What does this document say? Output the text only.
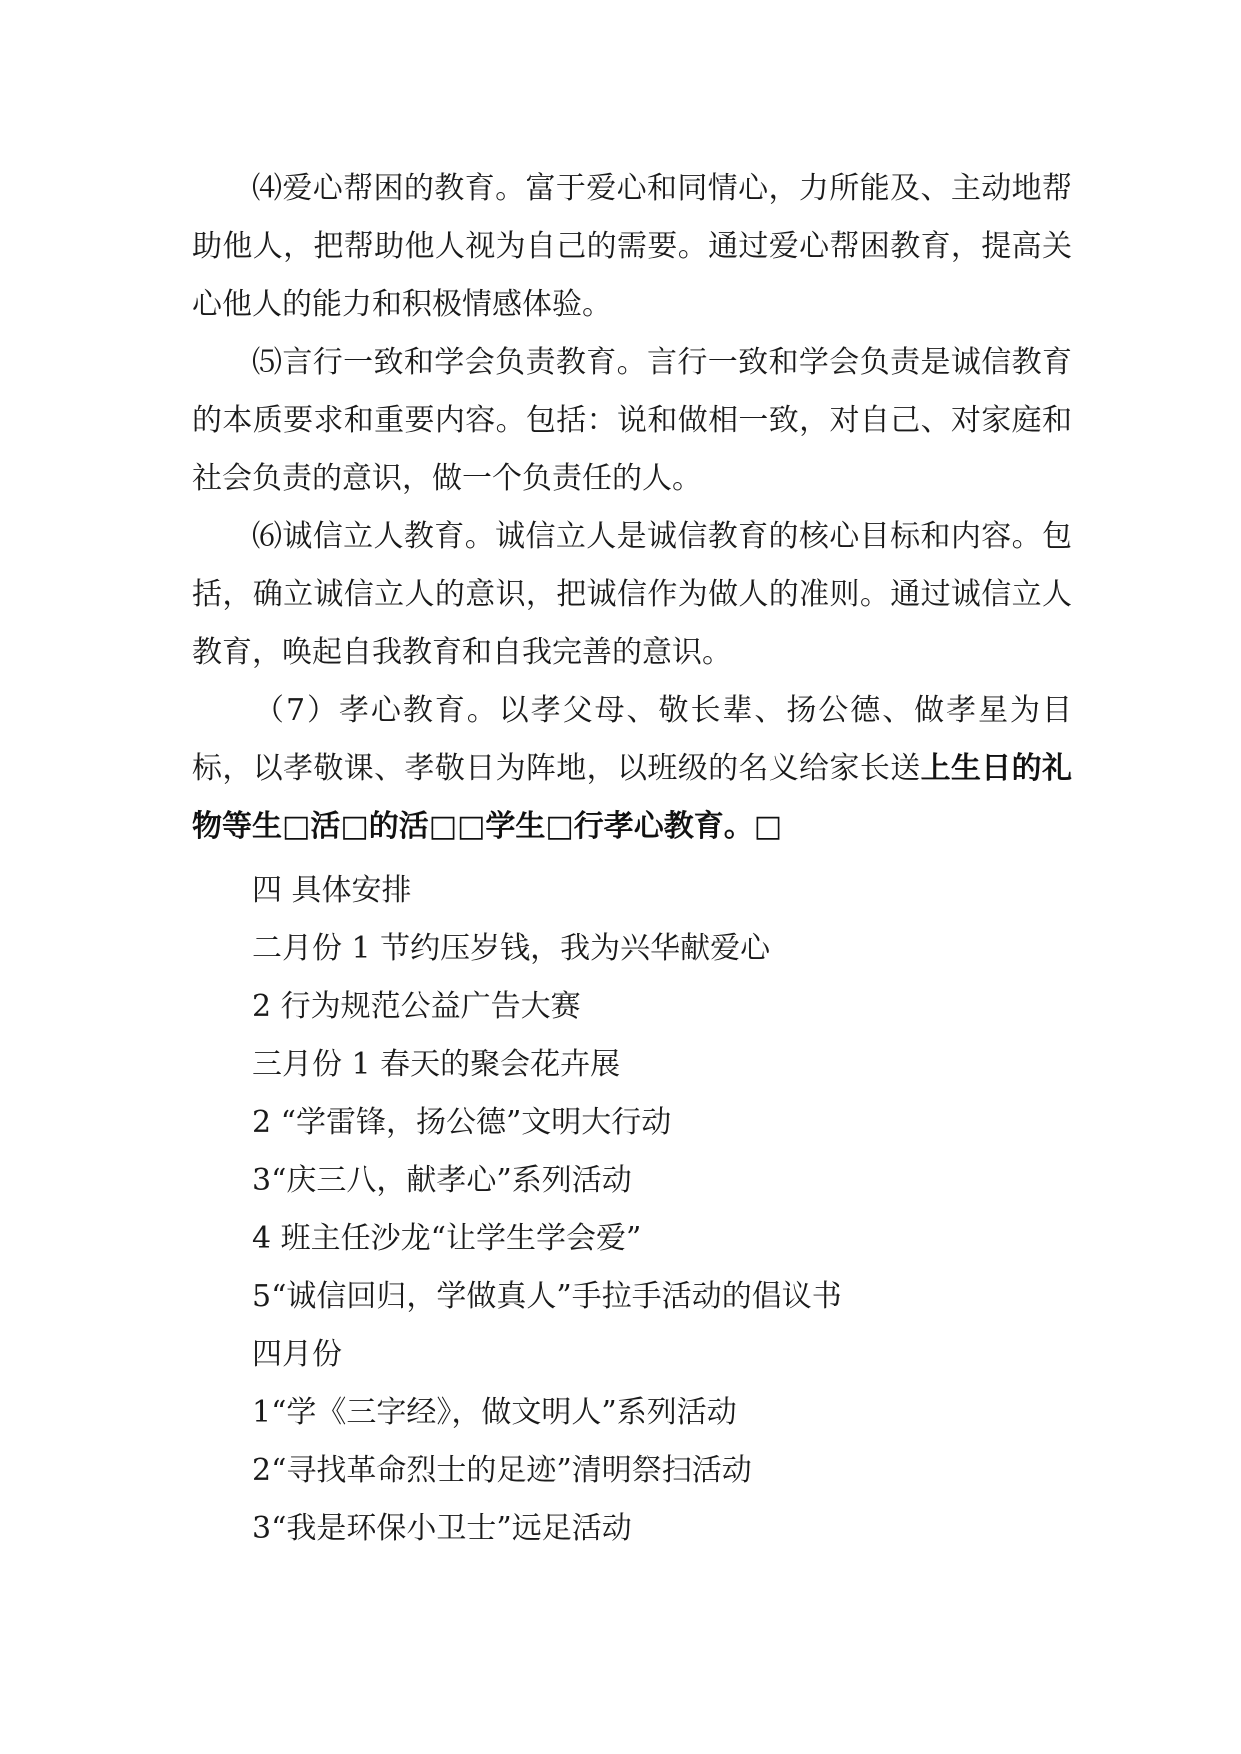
⑷爱心帮困的教育。富于爱心和同情心，力所能及、主动地帮助他人，把帮助他人视为自己的需要。通过爱心帮困教育，提高关心他人的能力和积极情感体验。

⑸言行一致和学会负责教育。言行一致和学会负责是诚信教育的本质要求和重要内容。包括：说和做相一致，对自己、对家庭和社会负责的意识，做一个负责任的人。

⑹诚信立人教育。诚信立人是诚信教育的核心目标和内容。包括，确立诚信立人的意识，把诚信作为做人的准则。通过诚信立人教育，唤起自我教育和自我完善的意识。

（7）孝心教育。以孝父母、敬长辈、扬公德、做孝星为目标，以孝敬课、孝敬日为阵地，以班级的名义给家长送上生日的礼物等生□活□的活□□学生□行孝心教育。□

四 具体安排

二月份 1 节约压岁钱，我为兴华献爱心

2 行为规范公益广告大赛

三月份 1 春天的聚会花卉展

2 “学雷锋，扬公德”文明大行动

3“庆三八，献孝心”系列活动

4 班主任沙龙“让学生学会爱”

5“诚信回归，学做真人”手拉手活动的倡议书

四月份

1“学《三字经》，做文明人”系列活动

2“寻找革命烈士的足迹”清明祭扫活动

3“我是环保小卫士”远足活动
